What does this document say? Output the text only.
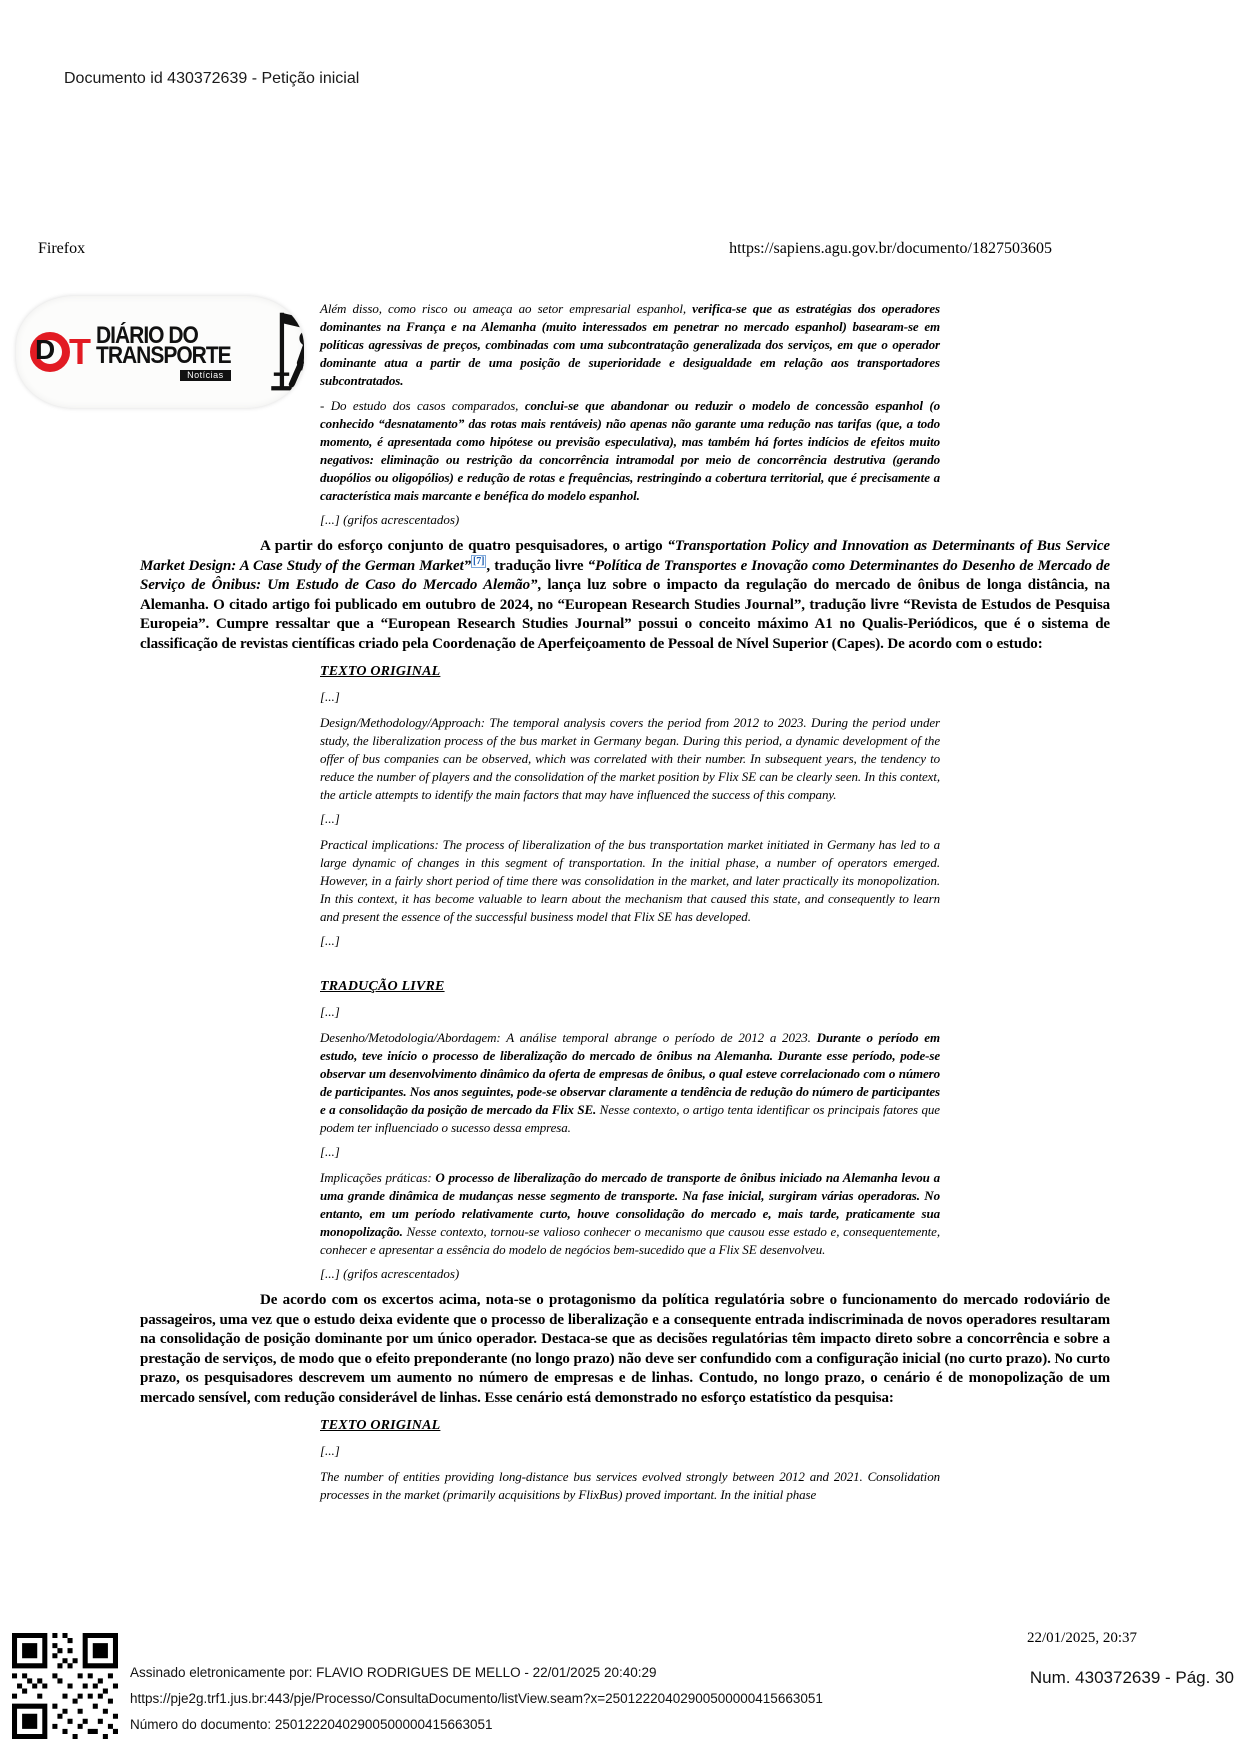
Documento id 430372639 - Petição inicial
Firefox	https://sapiens.agu.gov.br/documento/1827503605
D T DIÁRIO DO
TRANSPORTE
Notícias

Além disso, como risco ou ameaça ao setor empresarial espanhol, verifica-se que as estratégias dos operadores dominantes na França e na Alemanha (muito interessados em penetrar no mercado espanhol) basearam-se em políticas agressivas de preços, combinadas com uma subcontratação generalizada dos serviços, em que o operador dominante atua a partir de uma posição de superioridade e desigualdade em relação aos transportadores subcontratados.

- Do estudo dos casos comparados, conclui-se que abandonar ou reduzir o modelo de concessão espanhol (o conhecido “desnatamento” das rotas mais rentáveis) não apenas não garante uma redução nas tarifas (que, a todo momento, é apresentada como hipótese ou previsão especulativa), mas também há fortes indícios de efeitos muito negativos: eliminação ou restrição da concorrência intramodal por meio de concorrência destrutiva (gerando duopólios ou oligopólios) e redução de rotas e frequências, restringindo a cobertura territorial, que é precisamente a característica mais marcante e benéfica do modelo espanhol.

[...] (grifos acrescentados)

A partir do esforço conjunto de quatro pesquisadores, o artigo “Transportation Policy and Innovation as Determinants of Bus Service Market Design: A Case Study of the German Market” [7] , tradução livre “Política de Transportes e Inovação como Determinantes do Desenho de Mercado de Serviço de Ônibus: Um Estudo de Caso do Mercado Alemão”, lança luz sobre o impacto da regulação do mercado de ônibus de longa distância, na Alemanha. O citado artigo foi publicado em outubro de 2024, no “European Research Studies Journal”, tradução livre “Revista de Estudos de Pesquisa Europeia”. Cumpre ressaltar que a “European Research Studies Journal” possui o conceito máximo A1 no Qualis-Periódicos, que é o sistema de classificação de revistas científicas criado pela Coordenação de Aperfeiçoamento de Pessoal de Nível Superior (Capes). De acordo com o estudo:

TEXTO ORIGINAL

[...]

Design/Methodology/Approach: The temporal analysis covers the period from 2012 to 2023. During the period under study, the liberalization process of the bus market in Germany began. During this period, a dynamic development of the offer of bus companies can be observed, which was correlated with their number. In subsequent years, the tendency to reduce the number of players and the consolidation of the market position by Flix SE can be clearly seen. In this context, the article attempts to identify the main factors that may have influenced the success of this company.

[...]

Practical implications: The process of liberalization of the bus transportation market initiated in Germany has led to a large dynamic of changes in this segment of transportation. In the initial phase, a number of operators emerged. However, in a fairly short period of time there was consolidation in the market, and later practically its monopolization. In this context, it has become valuable to learn about the mechanism that caused this state, and consequently to learn and present the essence of the successful business model that Flix SE has developed.

[...]

TRADUÇÃO LIVRE

[...]

Desenho/Metodologia/Abordagem: A análise temporal abrange o período de 2012 a 2023. Durante o período em estudo, teve início o processo de liberalização do mercado de ônibus na Alemanha. Durante esse período, pode-se observar um desenvolvimento dinâmico da oferta de empresas de ônibus, o qual esteve correlacionado com o número de participantes. Nos anos seguintes, pode-se observar claramente a tendência de redução do número de participantes e a consolidação da posição de mercado da Flix SE. Nesse contexto, o artigo tenta identificar os principais fatores que podem ter influenciado o sucesso dessa empresa.

[...]

Implicações práticas: O processo de liberalização do mercado de transporte de ônibus iniciado na Alemanha levou a uma grande dinâmica de mudanças nesse segmento de transporte. Na fase inicial, surgiram várias operadoras. No entanto, em um período relativamente curto, houve consolidação do mercado e, mais tarde, praticamente sua monopolização. Nesse contexto, tornou-se valioso conhecer o mecanismo que causou esse estado e, consequentemente, conhecer e apresentar a essência do modelo de negócios bem-sucedido que a Flix SE desenvolveu.

[...] (grifos acrescentados)

De acordo com os excertos acima, nota-se o protagonismo da política regulatória sobre o funcionamento do mercado rodoviário de passageiros, uma vez que o estudo deixa evidente que o processo de liberalização e a consequente entrada indiscriminada de novos operadores resultaram na consolidação de posição dominante por um único operador. Destaca-se que as decisões regulatórias têm impacto direto sobre a concorrência e sobre a prestação de serviços, de modo que o efeito preponderante (no longo prazo) não deve ser confundido com a configuração inicial (no curto prazo). No curto prazo, os pesquisadores descrevem um aumento no número de empresas e de linhas. Contudo, no longo prazo, o cenário é de monopolização de um mercado sensível, com redução considerável de linhas. Esse cenário está demonstrado no esforço estatístico da pesquisa:

TEXTO ORIGINAL

[...]

The number of entities providing long-distance bus services evolved strongly between 2012 and 2021. Consolidation processes in the market (primarily acquisitions by FlixBus) proved important. In the initial phase

Assinado eletronicamente por: FLAVIO RODRIGUES DE MELLO - 22/01/2025 20:40:29
https://pje2g.trf1.jus.br:443/pje/Processo/ConsultaDocumento/listView.seam?x=25012220402900500000415663051
Número do documento: 25012220402900500000415663051
22/01/2025, 20:37
Num. 430372639 - Pág. 30
